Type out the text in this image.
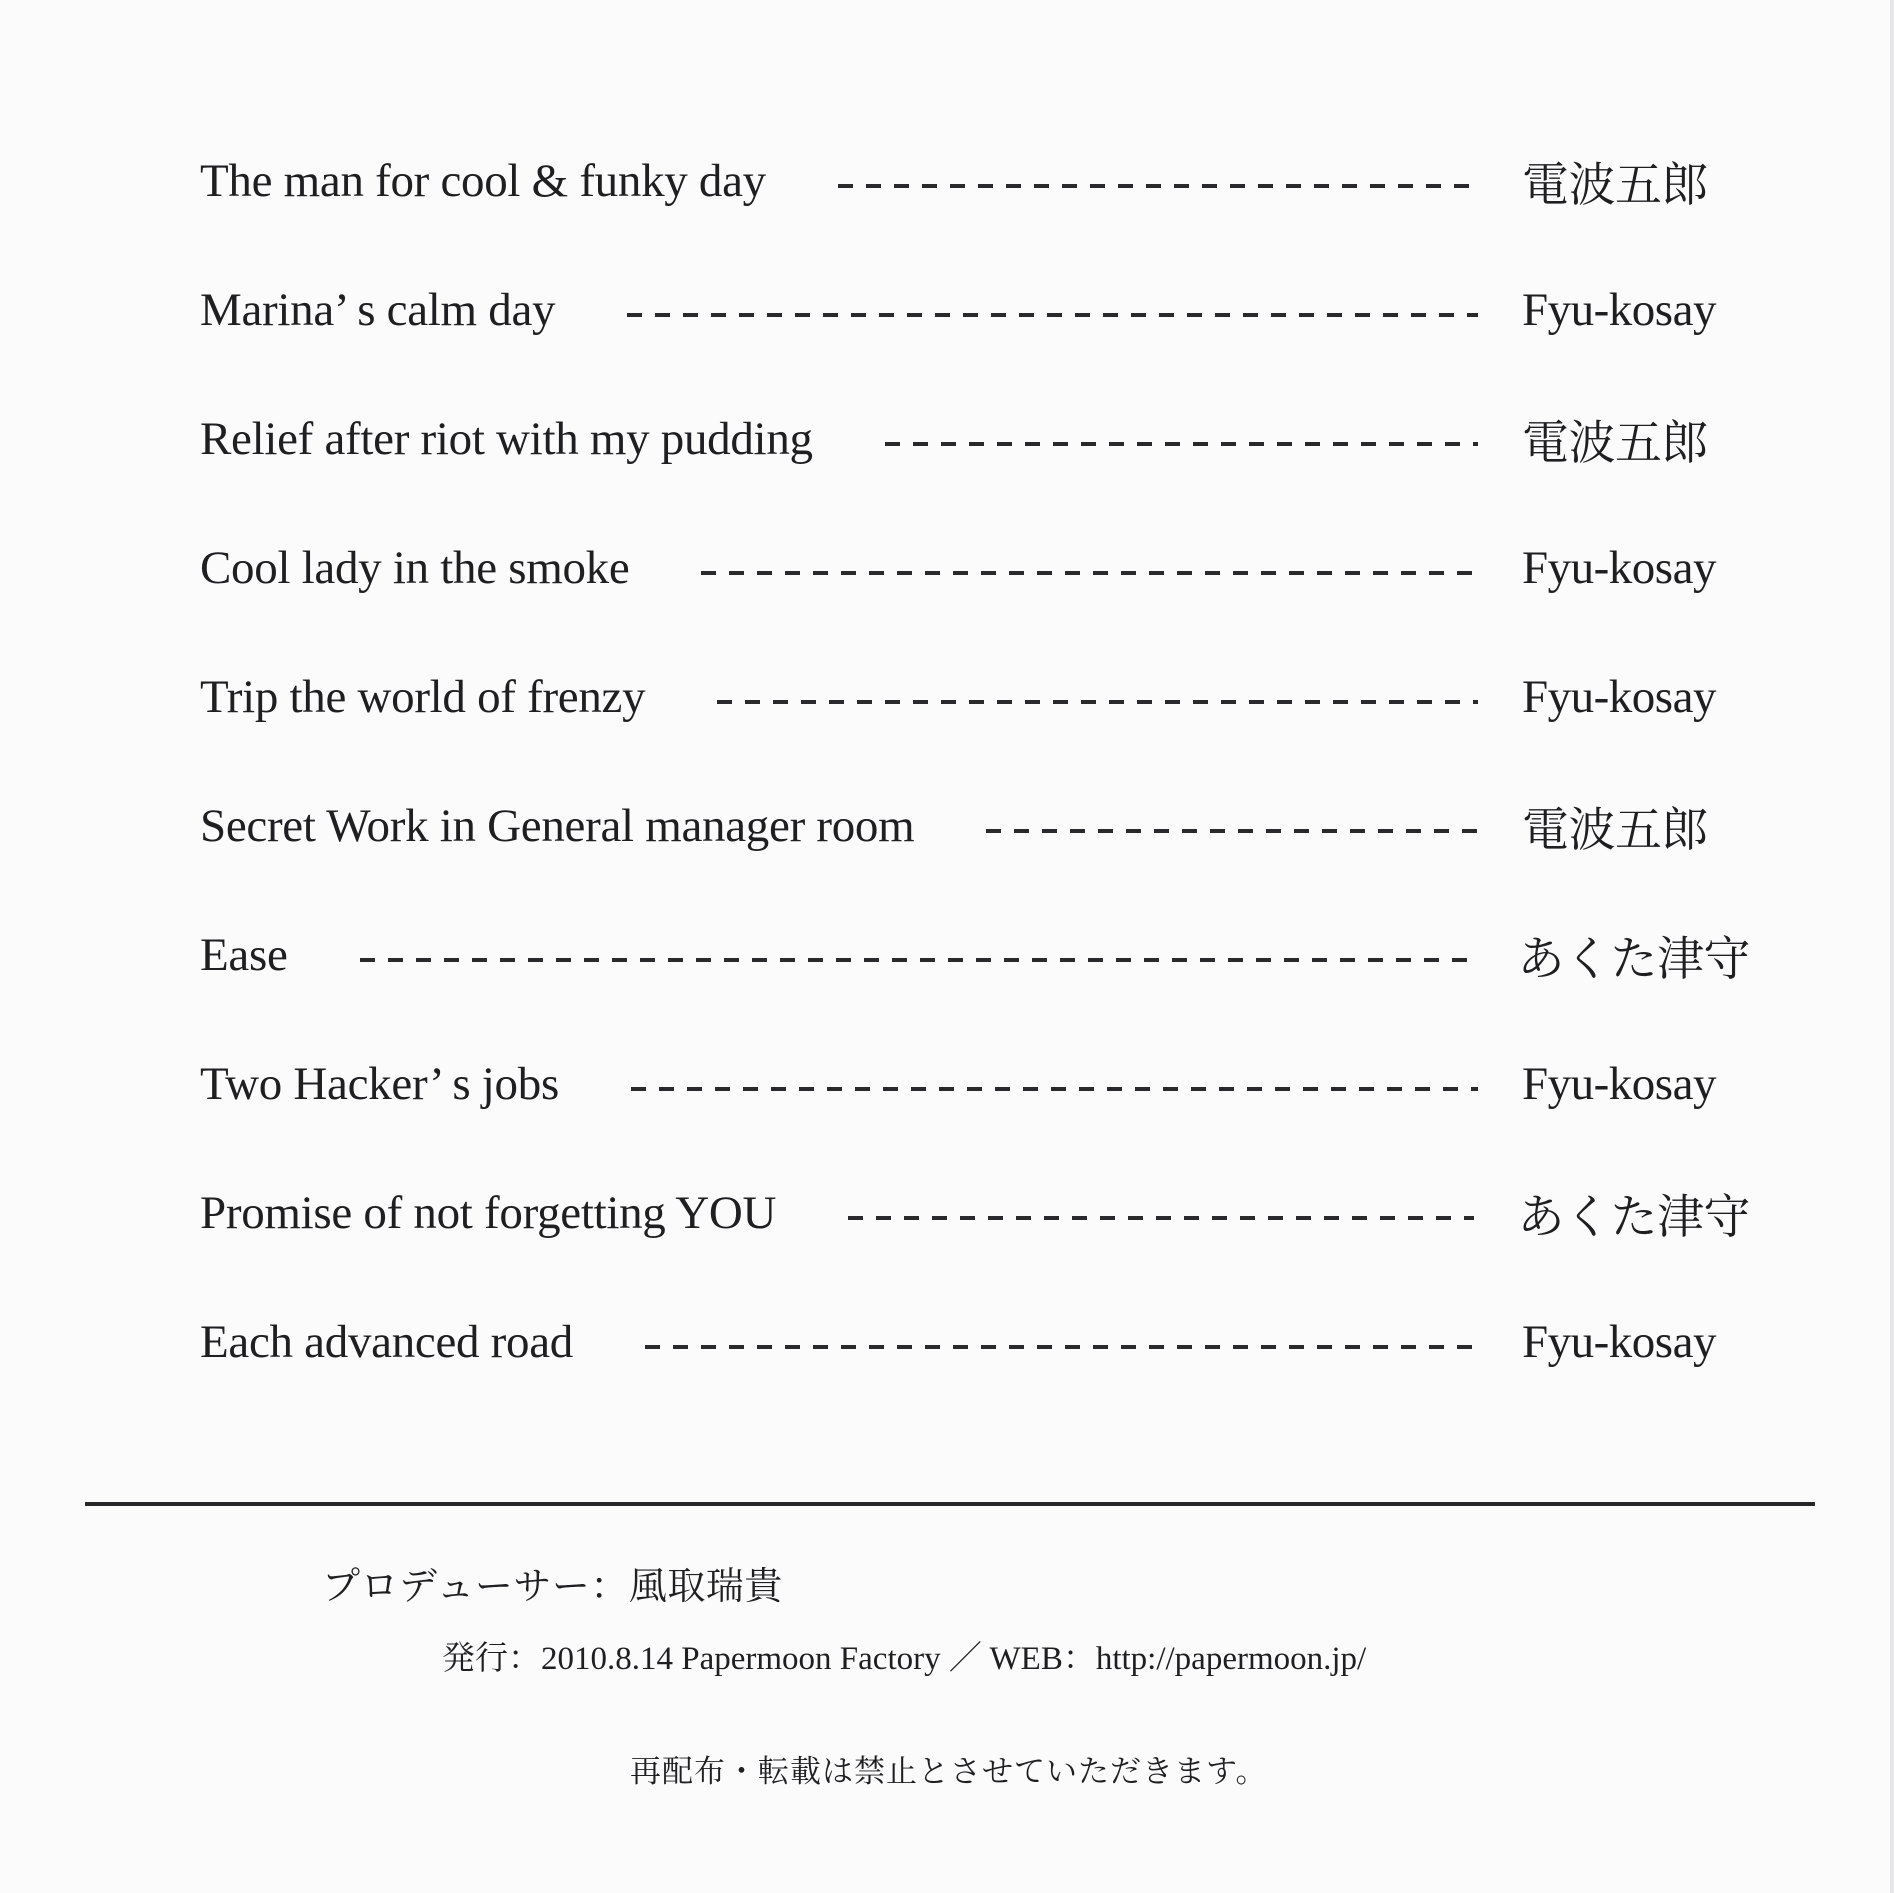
The man for cool & funky day	電波五郎
Marina’ s calm day	Fyu-kosay
Relief after riot with my pudding	電波五郎
Cool lady in the smoke	Fyu-kosay
Trip the world of frenzy	Fyu-kosay
Secret Work in General manager room	電波五郎
Ease	あくた津守
Two Hacker’ s jobs	Fyu-kosay
Promise of not forgetting YOU	あくた津守
Each advanced road	Fyu-kosay
プロデューサー：風取瑞貴
発行：2010.8.14 Papermoon Factory ／ WEB：http://papermoon.jp/
再配布・転載は禁止とさせていただきます。
